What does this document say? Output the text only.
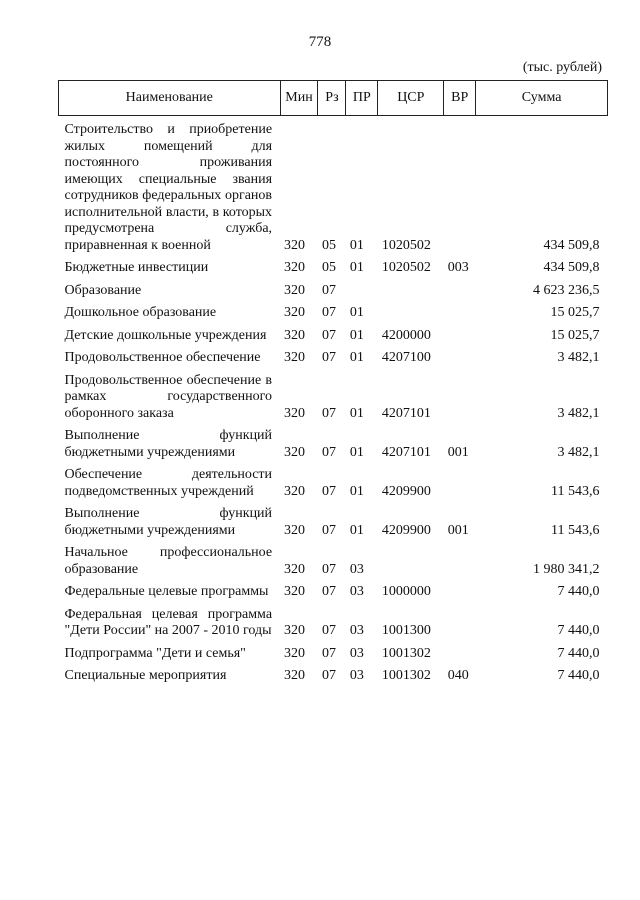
778
(тыс. рублей)
Наименование	Мин	Рз	ПР	ЦСР	ВР	Сумма
Строительство и приобретение жилых помещений для постоянного проживания имеющих специальные звания сотрудников федеральных органов исполнительной власти, в которых предусмотрена служба, приравненная к военной	320	05	01	1020502		434 509,8
Бюджетные инвестиции	320	05	01	1020502	003	434 509,8
Образование	320	07				4 623 236,5
Дошкольное образование	320	07	01			15 025,7
Детские дошкольные учреждения	320	07	01	4200000		15 025,7
Продовольственное обеспечение	320	07	01	4207100		3 482,1
Продовольственное обеспечение в рамках государственного оборонного заказа	320	07	01	4207101		3 482,1
Выполнение функций бюджетными учреждениями	320	07	01	4207101	001	3 482,1
Обеспечение деятельности подведомственных учреждений	320	07	01	4209900		11 543,6
Выполнение функций бюджетными учреждениями	320	07	01	4209900	001	11 543,6
Начальное профессиональное образование	320	07	03			1 980 341,2
Федеральные целевые программы	320	07	03	1000000		7 440,0
Федеральная целевая программа "Дети России" на 2007 - 2010 годы	320	07	03	1001300		7 440,0
Подпрограмма "Дети и семья"	320	07	03	1001302		7 440,0
Специальные мероприятия	320	07	03	1001302	040	7 440,0
